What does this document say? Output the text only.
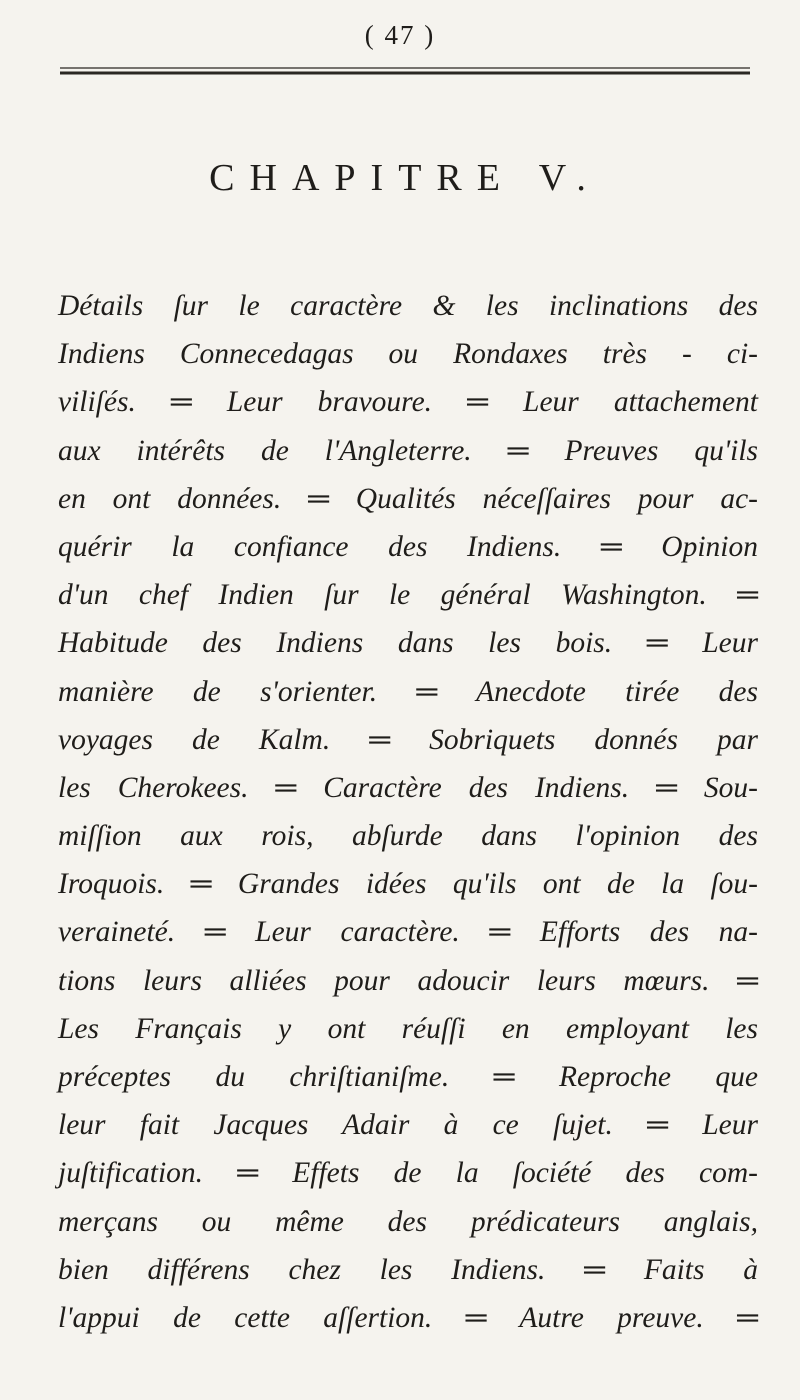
( 47 )
CHAPITRE V.
Détails ſur le caractère & les inclinations des
Indiens Connecedagas ou Rondaxes très - ci-
viliſés. ═ Leur bravoure. ═ Leur attachement
aux intérêts de l'Angleterre. ═ Preuves qu'ils
en ont données. ═ Qualités néceſſaires pour ac-
quérir la confiance des Indiens. ═ Opinion
d'un chef Indien ſur le général Washington. ═
Habitude des Indiens dans les bois. ═ Leur
manière de s'orienter. ═ Anecdote tirée des
voyages de Kalm. ═ Sobriquets donnés par
les Cherokees. ═ Caractère des Indiens. ═ Sou-
miſſion aux rois, abſurde dans l'opinion des
Iroquois. ═ Grandes idées qu'ils ont de la ſou-
veraineté. ═ Leur caractère. ═ Efforts des na-
tions leurs alliées pour adoucir leurs mœurs. ═
Les Français y ont réuſſi en employant les
préceptes du chriſtianiſme. ═ Reproche que
leur fait Jacques Adair à ce ſujet. ═ Leur
juſtification. ═ Effets de la ſociété des com-
merçans ou même des prédicateurs anglais,
bien différens chez les Indiens. ═ Faits à
l'appui de cette aſſertion. ═ Autre preuve. ═
